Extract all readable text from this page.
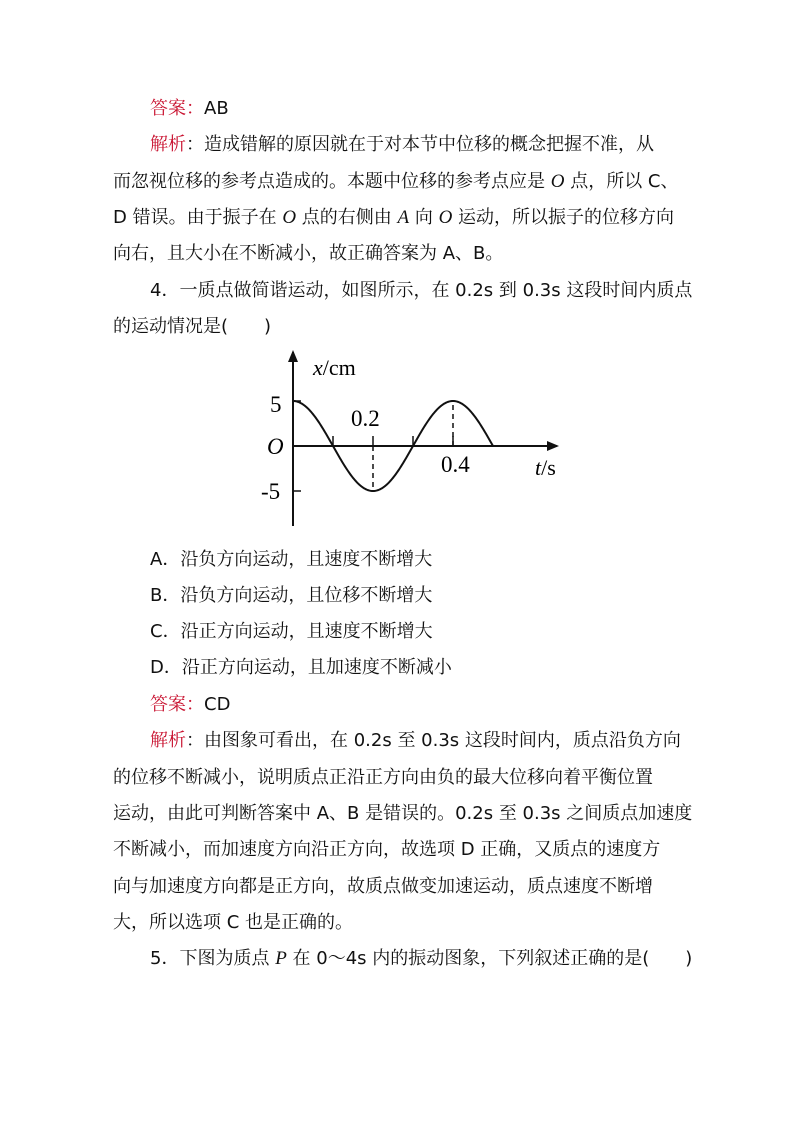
答案：AB
解析：造成错解的原因就在于对本节中位移的概念把握不准，从
而忽视位移的参考点造成的。本题中位移的参考点应是 O 点，所以 C、
D 错误。由于振子在 O 点的右侧由 A 向 O 运动，所以振子的位移方向
向右，且大小在不断减小，故正确答案为 A、B。
4．一质点做简谐运动，如图所示，在 0.2s 到 0.3s 这段时间内质点
的运动情况是(　　)
x/cm
t/s
O
5
-5
0.2
0.4
A．沿负方向运动，且速度不断增大
B．沿负方向运动，且位移不断增大
C．沿正方向运动，且速度不断增大
D．沿正方向运动，且加速度不断减小
答案：CD
解析：由图象可看出，在 0.2s 至 0.3s 这段时间内，质点沿负方向
的位移不断减小，说明质点正沿正方向由负的最大位移向着平衡位置
运动，由此可判断答案中 A、B 是错误的。0.2s 至 0.3s 之间质点加速度
不断减小，而加速度方向沿正方向，故选项 D 正确，又质点的速度方
向与加速度方向都是正方向，故质点做变加速运动，质点速度不断增
大，所以选项 C 也是正确的。
5．下图为质点 P 在 0～4s 内的振动图象，下列叙述正确的是(　　)
